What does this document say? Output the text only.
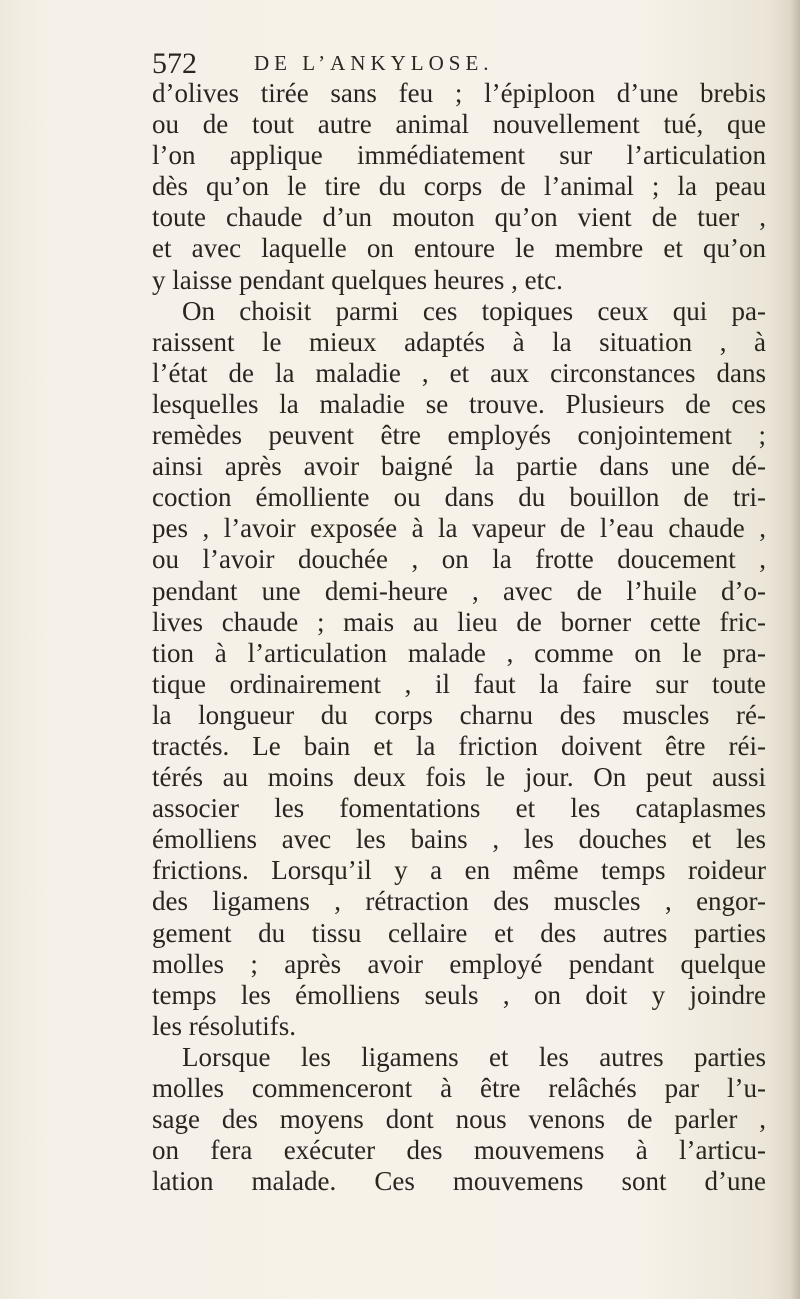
572	DE L’ANKYLOSE.
d’olives tirée sans feu ; l’épiploon d’une brebis
ou de tout autre animal nouvellement tué, que
l’on applique immédiatement sur l’articulation
dès qu’on le tire du corps de l’animal ; la peau
toute chaude d’un mouton qu’on vient de tuer ,
et avec laquelle on entoure le membre et qu’on
y laisse pendant quelques heures , etc.
On choisit parmi ces topiques ceux qui pa-
raissent le mieux adaptés à la situation , à
l’état de la maladie , et aux circonstances dans
lesquelles la maladie se trouve. Plusieurs de ces
remèdes peuvent être employés conjointement ;
ainsi après avoir baigné la partie dans une dé-
coction émolliente ou dans du bouillon de tri-
pes , l’avoir exposée à la vapeur de l’eau chaude ,
ou l’avoir douchée , on la frotte doucement ,
pendant une demi-heure , avec de l’huile d’o-
lives chaude ; mais au lieu de borner cette fric-
tion à l’articulation malade , comme on le pra-
tique ordinairement , il faut la faire sur toute
la longueur du corps charnu des muscles ré-
tractés. Le bain et la friction doivent être réi-
térés au moins deux fois le jour. On peut aussi
associer les fomentations et les cataplasmes
émolliens avec les bains , les douches et les
frictions. Lorsqu’il y a en même temps roideur
des ligamens , rétraction des muscles , engor-
gement du tissu cellaire et des autres parties
molles ; après avoir employé pendant quelque
temps les émolliens seuls , on doit y joindre
les résolutifs.
Lorsque les ligamens et les autres parties
molles commenceront à être relâchés par l’u-
sage des moyens dont nous venons de parler ,
on fera exécuter des mouvemens à l’articu-
lation malade. Ces mouvemens sont d’une
